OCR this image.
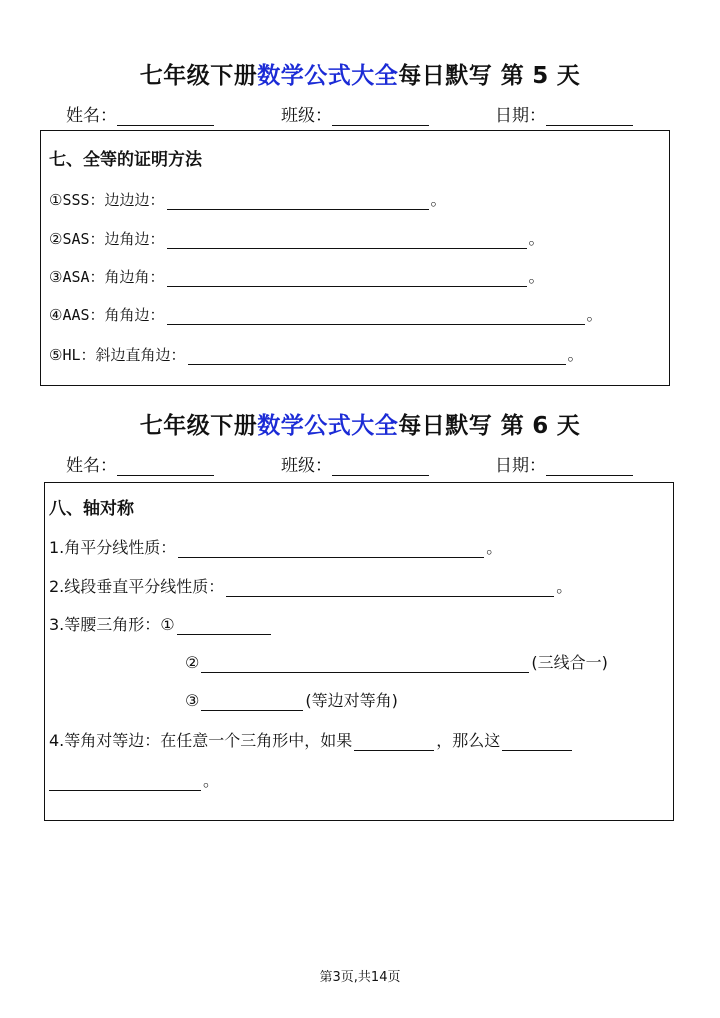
七年级下册数学公式大全每日默写 第 5 天
姓名：	班级：	日期：
七、全等的证明方法
①SSS：边边边：	。
②SAS：边角边：	。
③ASA：角边角：	。
④AAS：角角边：	。
⑤HL：斜边直角边：	。
七年级下册数学公式大全每日默写 第 6 天
姓名：	班级：	日期：
八、轴对称
1.角平分线性质：	。
2.线段垂直平分线性质：	。
3.等腰三角形：①
②	(三线合一)
③	(等边对等角)
4.等角对等边：在任意一个三角形中，如果	，那么这
。
第3页,共14页
